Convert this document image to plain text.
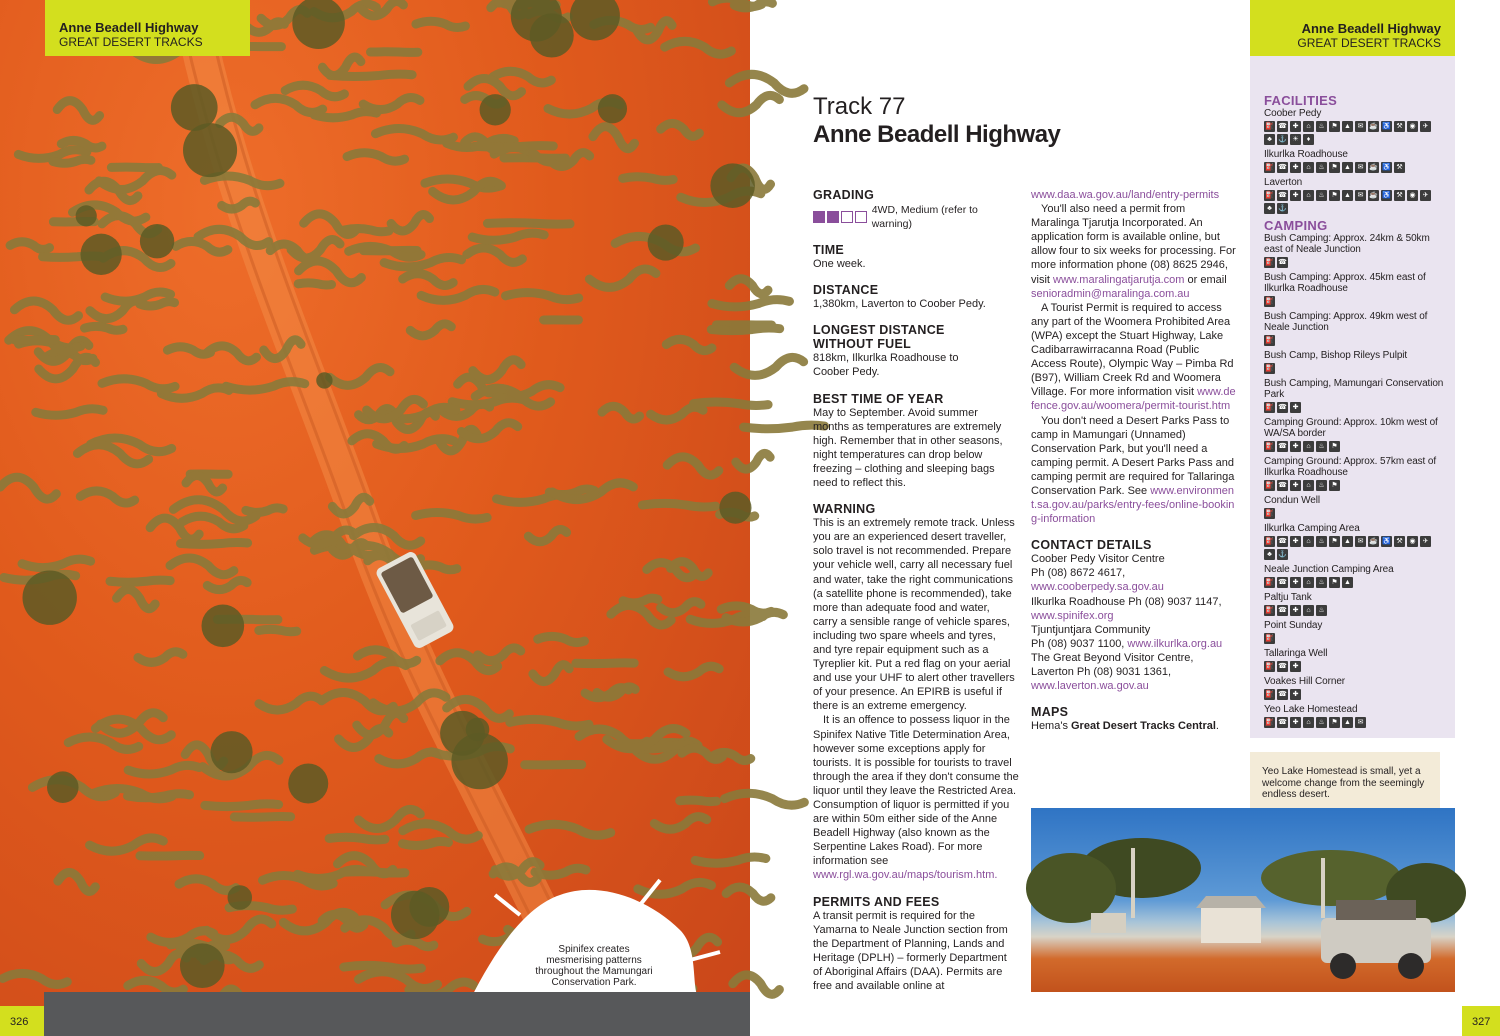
Anne Beadell Highway
GREAT DESERT TRACKS
Spinifex creates mesmerising patterns throughout the Mamungari Conservation Park.
326
Track 77
Anne Beadell Highway
GRADING
4WD, Medium (refer to warning)
TIME
One week.
DISTANCE
1,380km, Laverton to Coober Pedy.
LONGEST DISTANCE WITHOUT FUEL
818km, Ilkurlka Roadhouse to Coober Pedy.
BEST TIME OF YEAR
May to September. Avoid summer months as temperatures are extremely high. Remember that in other seasons, night temperatures can drop below freezing – clothing and sleeping bags need to reflect this.
WARNING
This is an extremely remote track. Unless you are an experienced desert traveller, solo travel is not recommended. Prepare your vehicle well, carry all necessary fuel and water, take the right communications (a satellite phone is recommended), take more than adequate food and water, carry a sensible range of vehicle spares, including two spare wheels and tyres, and tyre repair equipment such as a Tyreplier kit. Put a red flag on your aerial and use your UHF to alert other travellers of your presence. An EPIRB is useful if there is an extreme emergency.
It is an offence to possess liquor in the Spinifex Native Title Determination Area, however some exceptions apply for tourists. It is possible for tourists to travel through the area if they don't consume the liquor until they leave the Restricted Area. Consumption of liquor is permitted if you are within 50m either side of the Anne Beadell Highway (also known as the Serpentine Lakes Road). For more information see www.rgl.wa.gov.au/maps/tourism.htm.
PERMITS AND FEES
A transit permit is required for the Yamarna to Neale Junction section from the Department of Planning, Lands and Heritage (DPLH) – formerly Department of Aboriginal Affairs (DAA). Permits are free and available online at
www.daa.wa.gov.au/land/entry-permits
You'll also need a permit from Maralinga Tjarutja Incorporated. An application form is available online, but allow four to six weeks for processing. For more information phone (08) 8625 2946, visit www.maralingatjarutja.com or email senioradmin@maralinga.com.au
A Tourist Permit is required to access any part of the Woomera Prohibited Area (WPA) except the Stuart Highway, Lake Cadibarrawirracanna Road (Public Access Route), Olympic Way – Pimba Rd (B97), William Creek Rd and Woomera Village. For more information visit www.defence.gov.au/woomera/permit-tourist.htm
You don't need a Desert Parks Pass to camp in Mamungari (Unnamed) Conservation Park, but you'll need a camping permit. A Desert Parks Pass and camping permit are required for Tallaringa Conservation Park. See www.environment.sa.gov.au/parks/entry-fees/online-booking-information
CONTACT DETAILS
Coober Pedy Visitor Centre
Ph (08) 8672 4617,
www.cooberpedy.sa.gov.au
Ilkurlka Roadhouse Ph (08) 9037 1147,
www.spinifex.org
Tjuntjuntjara Community
Ph (08) 9037 1100, www.ilkurlka.org.au
The Great Beyond Visitor Centre,
Laverton Ph (08) 9031 1361,
www.laverton.wa.gov.au
MAPS
Hema's Great Desert Tracks Central.
Anne Beadell Highway
GREAT DESERT TRACKS
FACILITIES
Coober Pedy
⛽ ☎ ✚	⌂	♨ ⚑ ▲ ✉ ☕ ♿ ⚒ ◉	✈
♣ ⚓ ☀	♦
Ilkurlka Roadhouse
⛽ ☎ ✚	⌂	♨ ⚑ ▲ ✉ ☕ ♿ ⚒
Laverton
⛽ ☎ ✚	⌂	♨ ⚑ ▲ ✉ ☕ ♿ ⚒ ◉	✈
♣ ⚓
CAMPING
Bush Camping: Approx. 24km & 50km east of Neale Junction
⛽ ☎
Bush Camping: Approx. 45km east of Ilkurlka Roadhouse
⛽
Bush Camping: Approx. 49km west of Neale Junction
⛽
Bush Camp, Bishop Rileys Pulpit
⛽
Bush Camping, Mamungari Conservation Park
⛽ ☎ ✚
Camping Ground: Approx. 10km west of WA/SA border
⛽ ☎ ✚	⌂	♨ ⚑
Camping Ground: Approx. 57km east of Ilkurlka Roadhouse
⛽ ☎ ✚	⌂	♨ ⚑
Condun Well
⛽
Ilkurlka Camping Area
⛽ ☎ ✚	⌂	♨ ⚑ ▲ ✉ ☕ ♿ ⚒ ◉	✈
♣ ⚓
Neale Junction Camping Area
⛽ ☎ ✚	⌂	♨ ⚑ ▲
Paltju Tank
⛽ ☎ ✚	⌂	♨
Point Sunday
⛽
Tallaringa Well
⛽ ☎ ✚
Voakes Hill Corner
⛽ ☎ ✚
Yeo Lake Homestead
⛽ ☎ ✚	⌂	♨ ⚑ ▲ ✉
Yeo Lake Homestead is small, yet a welcome change from the seemingly endless desert.
327
